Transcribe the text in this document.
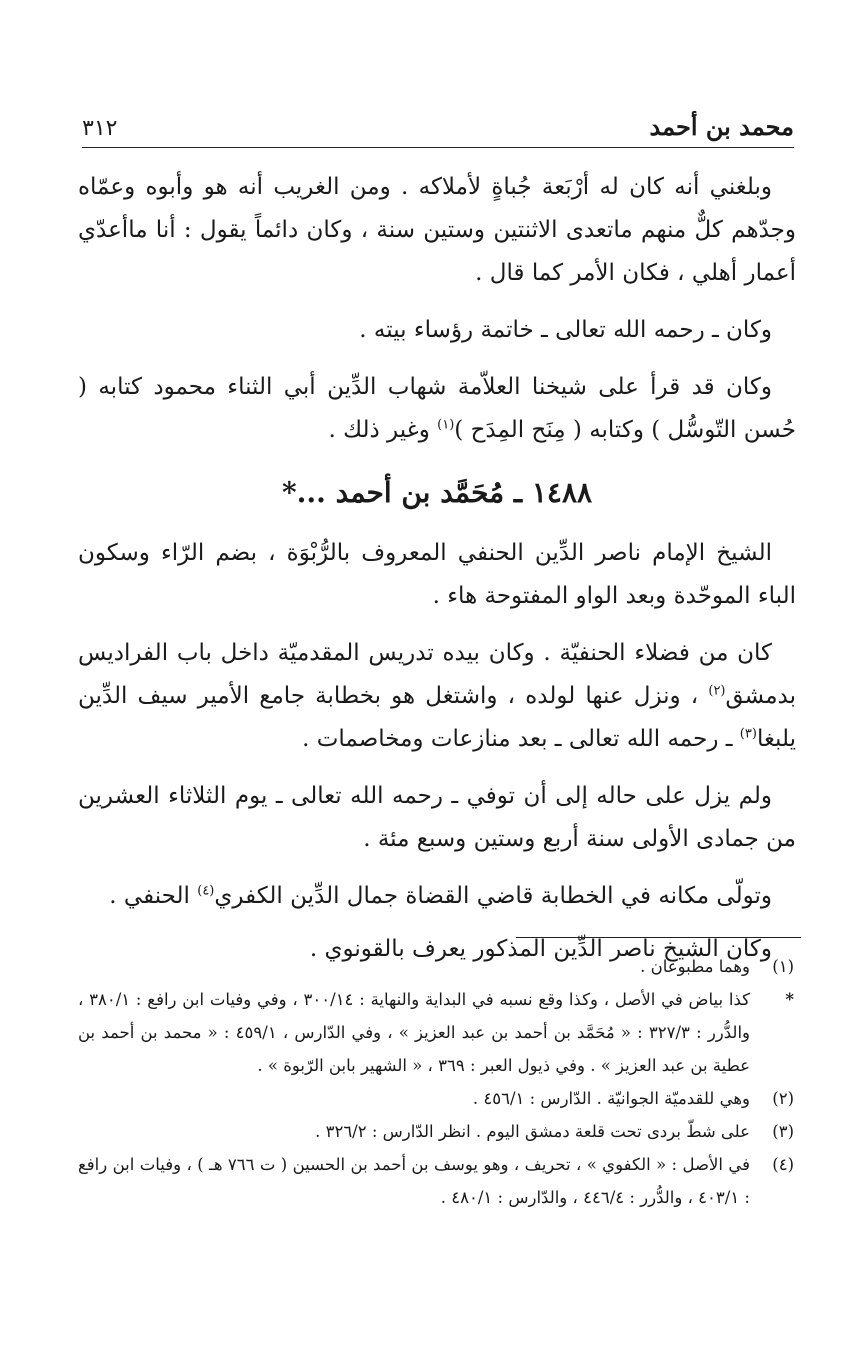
محمد بن أحمد
٣١٢

وبلغني أنه كان له أرْبَعة جُباةٍ لأملاكه . ومن الغريب أنه هو وأبوه وعمّاه وجدّهم كلٌّ منهم ماتعدى الاثنتين وستين سنة ، وكان دائماً يقول : أنا ماأعدّي أعمار أهلي ، فكان الأمر كما قال .

وكان ـ رحمه الله تعالى ـ خاتمة رؤساء بيته .

وكان قد قرأ على شيخنا العلاّمة شهاب الدِّين أبي الثناء محمود كتابه ( حُسن التّوسُّل ) وكتابه ( مِنَح المِدَح )$^{(١)}$ وغير ذلك .

١٤٨٨ ـ مُحَمَّد بن أحمد ...*

الشيخ الإمام ناصر الدِّين الحنفي المعروف بالرُّبْوَة ، بضم الرّاء وسكون الباء الموحّدة وبعد الواو المفتوحة هاء .

كان من فضلاء الحنفيّة . وكان بيده تدريس المقدميّة داخل باب الفراديس بدمشق$^{(٢)}$ ، ونزل عنها لولده ، واشتغل هو بخطابة جامع الأمير سيف الدِّين يلبغا$^{(٣)}$ ـ رحمه الله تعالى ـ بعد منازعات ومخاصمات .

ولم يزل على حاله إلى أن توفي ـ رحمه الله تعالى ـ يوم الثلاثاء العشرين من جمادى الأولى سنة أربع وستين وسبع مئة .

وتولّى مكانه في الخطابة قاضي القضاة جمال الدِّين الكفري$^{(٤)}$ الحنفي .

وكان الشيخ ناصر الدِّين المذكور يعرف بالقونوي .

(١)
وهما مطبوعان .
*
كذا بياض في الأصل ، وكذا وقع نسبه في البداية والنهاية : ٣٠٠/١٤ ، وفي وفيات ابن رافع : ٣٨٠/١ ، والدُّرر : ٣٢٧/٣ : « مُحَمَّد بن أحمد بن عبد العزيز » ، وفي الدّارس ، ٤٥٩/١ : « محمد بن أحمد بن عطية بن عبد العزيز » . وفي ذيول العبر : ٣٦٩ ، « الشهير بابن الرّبوة » .
(٢)
وهي للقدميّة الجوانيّة . الدّارس : ٤٥٦/١ .
(٣)
على شطّ بردى تحت قلعة دمشق اليوم . انظر الدّارس : ٣٢٦/٢ .
(٤)
في الأصل : « الكفوي » ، تحريف ، وهو يوسف بن أحمد بن الحسين ( ت ٧٦٦ هـ ) ، وفيات ابن رافع : ٤٠٣/١ ، والدُّرر : ٤٤٦/٤ ، والدّارس : ٤٨٠/١ .
